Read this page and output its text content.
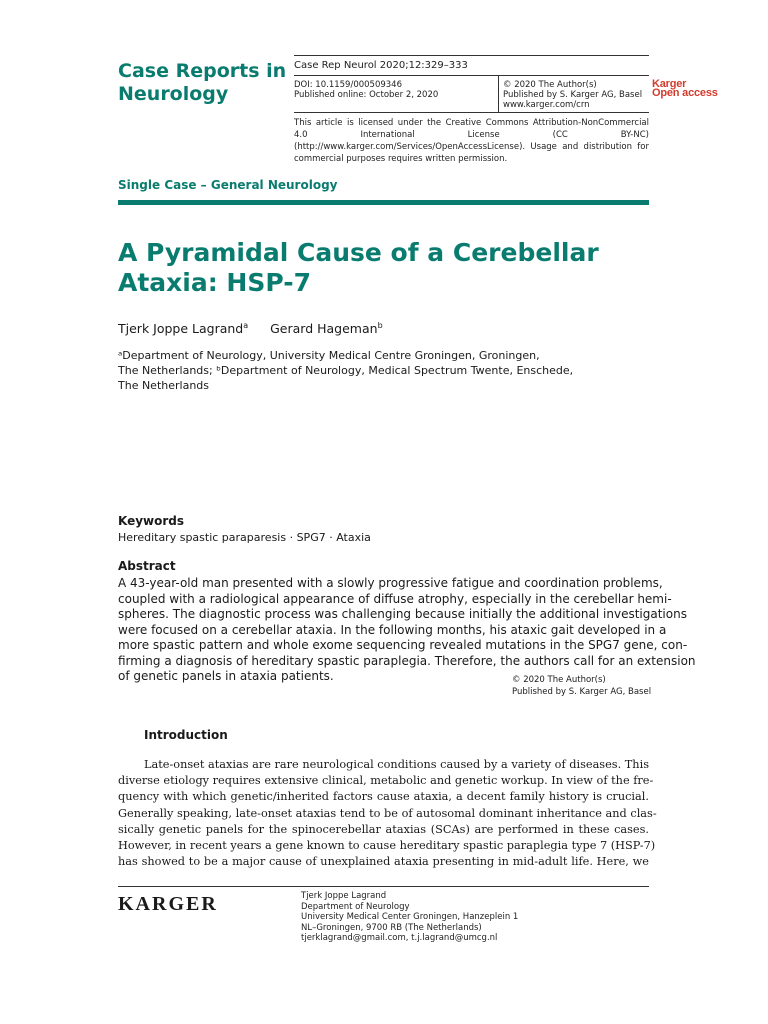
Case Reports in
Neurology
Case Rep Neurol 2020;12:329–333
DOI: 10.1159/000509346
Published online: October 2, 2020
© 2020 The Author(s)
Published by S. Karger AG, Basel
www.karger.com/crn
Karger
Open access
This article is licensed under the Creative Commons Attribution-NonCommercial 4.0 International License (CC BY-NC) (http://www.karger.com/Services/OpenAccessLicense). Usage and distribution for commercial purposes requires written permission.
Single Case – General Neurology
A Pyramidal Cause of a Cerebellar
Ataxia: HSP-7
Tjerk Joppe Lagrand$^a$ Gerard Hageman$^b$
ᵃDepartment of Neurology, University Medical Centre Groningen, Groningen,
The Netherlands; ᵇDepartment of Neurology, Medical Spectrum Twente, Enschede,
The Netherlands
Keywords
Hereditary spastic paraparesis · SPG7 · Ataxia
Abstract
A 43-year-old man presented with a slowly progressive fatigue and coordination problems,
coupled with a radiological appearance of diffuse atrophy, especially in the cerebellar hemi-
spheres. The diagnostic process was challenging because initially the additional investigations
were focused on a cerebellar ataxia. In the following months, his ataxic gait developed in a
more spastic pattern and whole exome sequencing revealed mutations in the SPG7 gene, con-
firming a diagnosis of hereditary spastic paraplegia. Therefore, the authors call for an extension
of genetic panels in ataxia patients.	© 2020 The Author(s)
Published by S. Karger AG, Basel
Introduction
Late-onset ataxias are rare neurological conditions caused by a variety of diseases. This
diverse etiology requires extensive clinical, metabolic and genetic workup. In view of the fre-
quency with which genetic/inherited factors cause ataxia, a decent family history is crucial.
Generally speaking, late-onset ataxias tend to be of autosomal dominant inheritance and clas-
sically genetic panels for the spinocerebellar ataxias (SCAs) are performed in these cases.
However, in recent years a gene known to cause hereditary spastic paraplegia type 7 (HSP-7)
has showed to be a major cause of unexplained ataxia presenting in mid-adult life. Here, we
KARGER	Tjerk Joppe Lagrand
Department of Neurology
University Medical Center Groningen, Hanzeplein 1
NL–Groningen, 9700 RB (The Netherlands)
tjerklagrand@gmail.com, t.j.lagrand@umcg.nl
